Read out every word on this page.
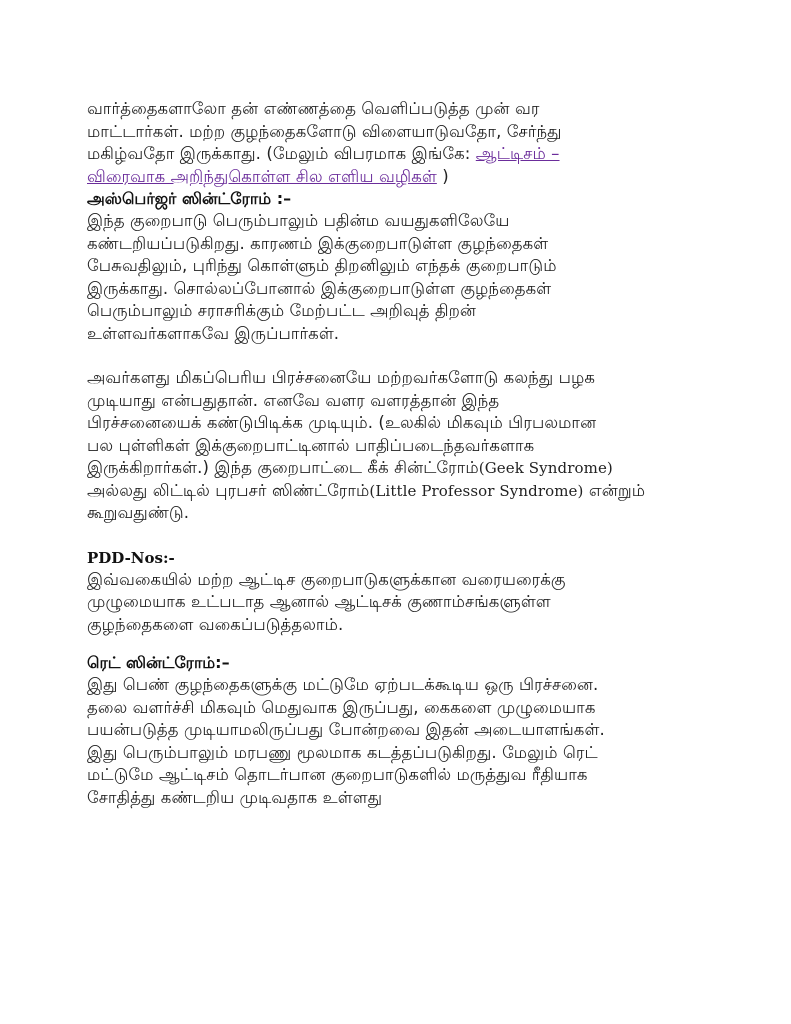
வார்த்தைகளாலோ தன் எண்ணத்தை வெளிப்படுத்த முன் வர
மாட்டார்கள். மற்ற குழந்தைகளோடு விளையாடுவதோ, சேர்ந்து
மகிழ்வதோ இருக்காது. (மேலும் விபரமாக இங்கே: ஆட்டிசம் –
விரைவாக அறிந்துகொள்ள சில எளிய வழிகள் )
அஸ்பெர்ஜர் ஸின்ட்ரோம் :–
இந்த குறைபாடு பெரும்பாலும் பதின்ம வயதுகளிலேயே
கண்டறியப்படுகிறது. காரணம் இக்குறைபாடுள்ள குழந்தைகள்
பேசுவதிலும், புரிந்து கொள்ளும் திறனிலும் எந்தக் குறைபாடும்
இருக்காது. சொல்லப்போனால் இக்குறைபாடுள்ள குழந்தைகள்
பெரும்பாலும் சராசரிக்கும் மேற்பட்ட அறிவுத் திறன்
உள்ளவர்களாகவே இருப்பார்கள்.
அவர்களது மிகப்பெரிய பிரச்சனையே மற்றவர்களோடு கலந்து பழக
முடியாது என்பதுதான். எனவே வளர வளரத்தான் இந்த
பிரச்சனையைக் கண்டுபிடிக்க முடியும். (உலகில் மிகவும் பிரபலமான
பல புள்ளிகள் இக்குறைபாட்டினால் பாதிப்படைந்தவர்களாக
இருக்கிறார்கள்.) இந்த குறைபாட்டை கீக் சின்ட்ரோம்(Geek Syndrome)
அல்லது லிட்டில் புரபசர் ஸிண்ட்ரோம்(Little Professor Syndrome) என்றும்
கூறுவதுண்டு.
PDD-Nos:-
இவ்வகையில் மற்ற ஆட்டிச குறைபாடுகளுக்கான வரையரைக்கு
முழுமையாக உட்படாத ஆனால் ஆட்டிசக் குணாம்சங்களுள்ள
குழந்தைகளை வகைப்படுத்தலாம்.
ரெட் ஸின்ட்ரோம்:–
இது பெண் குழந்தைகளுக்கு மட்டுமே ஏற்படக்கூடிய ஒரு பிரச்சனை.
தலை வளர்ச்சி மிகவும் மெதுவாக இருப்பது, கைகளை முழுமையாக
பயன்படுத்த முடியாமலிருப்பது போன்றவை இதன் அடையாளங்கள்.
இது பெரும்பாலும் மரபணு மூலமாக கடத்தப்படுகிறது. மேலும் ரெட்
மட்டுமே ஆட்டிசம் தொடர்பான குறைபாடுகளில் மருத்துவ ரீதியாக
சோதித்து கண்டறிய முடிவதாக உள்ளது
